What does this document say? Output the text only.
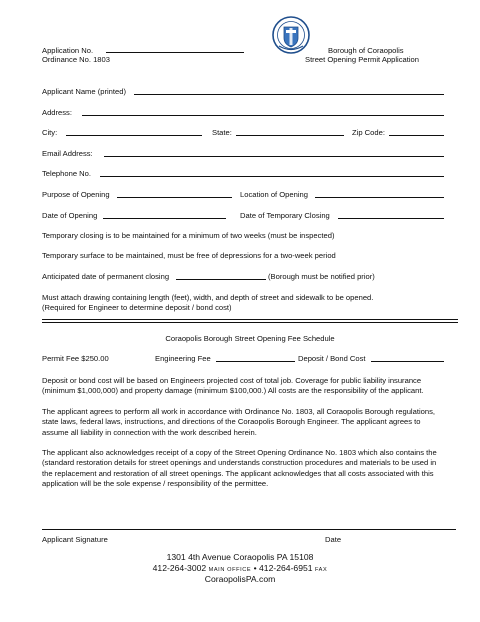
Application No.
Ordinance No. 1803
Borough of Coraopolis
Street Opening Permit Application
Applicant Name (printed)
Address:
City:	State:	Zip Code:
Email Address:
Telephone No.
Purpose of Opening	Location of Opening
Date of Opening	Date of Temporary Closing
Temporary closing is to be maintained for a minimum of two weeks (must be inspected)
Temporary surface to be maintained, must be free of depressions for a two-week period
Anticipated date of permanent closing	(Borough must be notified prior)
Must attach drawing containing length (feet), width, and depth of street and sidewalk to be opened.
(Required for Engineer to determine deposit / bond cost)
Coraopolis Borough Street Opening Fee Schedule
Permit Fee $250.00	Engineering Fee	Deposit / Bond Cost
Deposit or bond cost will be based on Engineers projected cost of total job. Coverage for public liability insurance (minimum $1,000,000) and property damage (minimum $100,000.) All costs are the responsibility of the applicant.
The applicant agrees to perform all work in accordance with Ordinance No. 1803, all Coraopolis Borough regulations, state laws, federal laws, instructions, and directions of the Coraopolis Borough Engineer. The applicant agrees to assume all liability in connection with the work described herein.
The applicant also acknowledges receipt of a copy of the Street Opening Ordinance No. 1803 which also contains the (standard restoration details for street openings and understands construction procedures and materials to be used in the replacement and restoration of all street openings. The applicant acknowledges that all costs associated with this application will be the sole expense / responsibility of the permittee.
Applicant Signature	Date
1301 4th Avenue Coraopolis PA 15108
412-264-3002 MAIN OFFICE • 412-264-6951 FAX
CoraopolisPA.com
